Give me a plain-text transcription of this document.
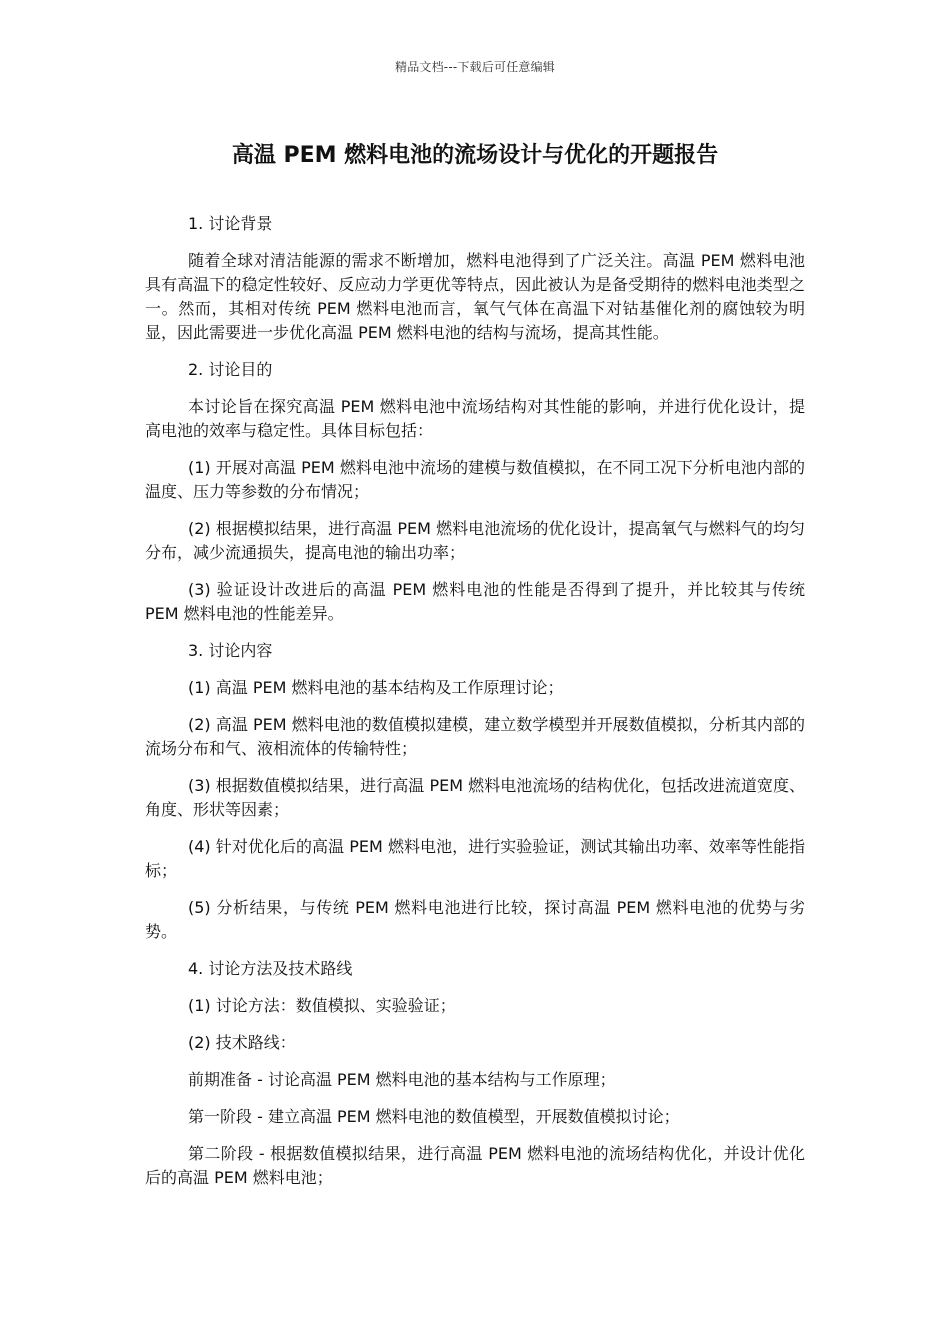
精品文档---下载后可任意编辑
高温 PEM 燃料电池的流场设计与优化的开题报告

1. 讨论背景

随着全球对清洁能源的需求不断增加，燃料电池得到了广泛关注。高温 PEM 燃料电池具有高温下的稳定性较好、反应动力学更优等特点，因此被认为是备受期待的燃料电池类型之一。然而，其相对传统 PEM 燃料电池而言，氧气气体在高温下对钴基催化剂的腐蚀较为明显，因此需要进一步优化高温 PEM 燃料电池的结构与流场，提高其性能。

2. 讨论目的

本讨论旨在探究高温 PEM 燃料电池中流场结构对其性能的影响，并进行优化设计，提高电池的效率与稳定性。具体目标包括：

(1) 开展对高温 PEM 燃料电池中流场的建模与数值模拟，在不同工况下分析电池内部的温度、压力等参数的分布情况；

(2) 根据模拟结果，进行高温 PEM 燃料电池流场的优化设计，提高氧气与燃料气的均匀分布，减少流通损失，提高电池的输出功率；

(3) 验证设计改进后的高温 PEM 燃料电池的性能是否得到了提升，并比较其与传统 PEM 燃料电池的性能差异。

3. 讨论内容

(1) 高温 PEM 燃料电池的基本结构及工作原理讨论；

(2) 高温 PEM 燃料电池的数值模拟建模，建立数学模型并开展数值模拟，分析其内部的流场分布和气、液相流体的传输特性；

(3) 根据数值模拟结果，进行高温 PEM 燃料电池流场的结构优化，包括改进流道宽度、角度、形状等因素；

(4) 针对优化后的高温 PEM 燃料电池，进行实验验证，测试其输出功率、效率等性能指标；

(5) 分析结果，与传统 PEM 燃料电池进行比较，探讨高温 PEM 燃料电池的优势与劣势。

4. 讨论方法及技术路线

(1) 讨论方法：数值模拟、实验验证；

(2) 技术路线：

前期准备 - 讨论高温 PEM 燃料电池的基本结构与工作原理；

第一阶段 - 建立高温 PEM 燃料电池的数值模型，开展数值模拟讨论；

第二阶段 - 根据数值模拟结果，进行高温 PEM 燃料电池的流场结构优化，并设计优化后的高温 PEM 燃料电池；
